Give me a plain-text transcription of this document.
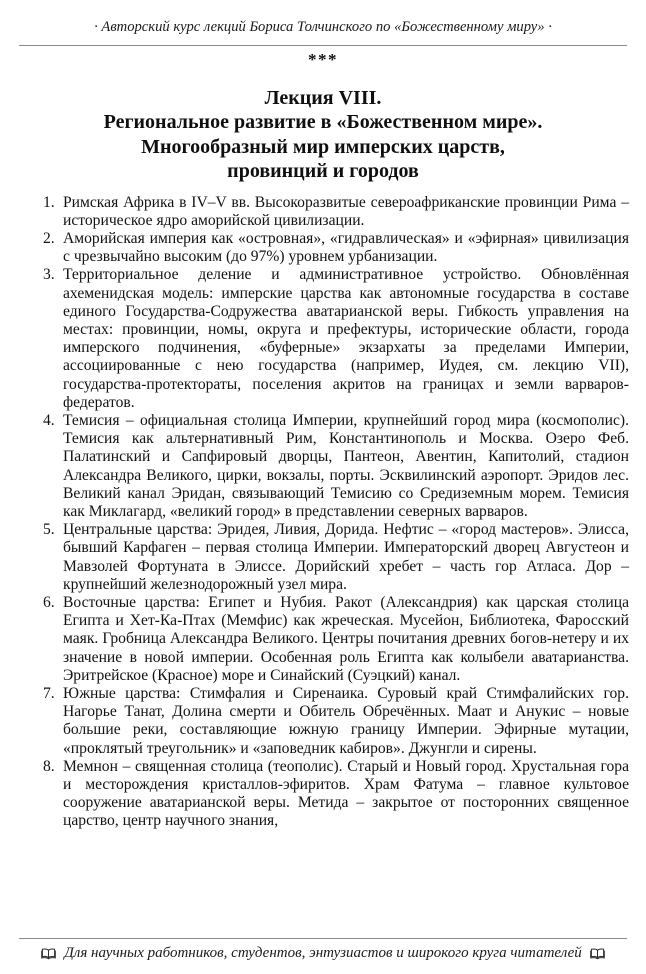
· Авторский курс лекций Бориса Толчинского по «Божественному миру» ·
***
Лекция VIII.
Региональное развитие в «Божественном мире».
Многообразный мир имперских царств,
провинций и городов
1. Римская Африка в IV–V вв. Высокоразвитые североафриканские провинции Рима – историческое ядро аморийской цивилизации.
2. Аморийская империя как «островная», «гидравлическая» и «эфирная» цивилизация с чрезвычайно высоким (до 97%) уровнем урбанизации.
3. Территориальное деление и административное устройство. Обновлённая ахеменидская модель: имперские царства как автономные государства в составе единого Государства-Содружества аватарианской веры. Гибкость управления на местах: провинции, номы, округа и префектуры, исторические области, города имперского подчинения, «буферные» экзархаты за пределами Империи, ассоциированные с нею государства (например, Иудея, см. лекцию VII), государства-протектораты, поселения акритов на границах и земли варваров-федератов.
4. Темисия – официальная столица Империи, крупнейший город мира (космополис). Темисия как альтернативный Рим, Константинополь и Москва. Озеро Феб. Палатинский и Сапфировый дворцы, Пантеон, Авентин, Капитолий, стадион Александра Великого, цирки, вокзалы, порты. Эсквилинский аэропорт. Эридов лес. Великий канал Эридан, связывающий Темисию со Средиземным морем. Темисия как Миклагард, «великий город» в представлении северных варваров.
5. Центральные царства: Эридея, Ливия, Дорида. Нефтис – «город мастеров». Элисса, бывший Карфаген – первая столица Империи. Императорский дворец Августеон и Мавзолей Фортуната в Элиссе. Дорийский хребет – часть гор Атласа. Дор – крупнейший железнодорожный узел мира.
6. Восточные царства: Египет и Нубия. Ракот (Александрия) как царская столица Египта и Хет-Ка-Птах (Мемфис) как жреческая. Мусейон, Библиотека, Фаросский маяк. Гробница Александра Великого. Центры почитания древних богов-нетеру и их значение в новой империи. Особенная роль Египта как колыбели аватарианства. Эритрейское (Красное) море и Синайский (Суэцкий) канал.
7. Южные царства: Стимфалия и Сиренаика. Суровый край Стимфалийских гор. Нагорье Танат, Долина смерти и Обитель Обречённых. Маат и Анукис – новые большие реки, составляющие южную границу Империи. Эфирные мутации, «проклятый треугольник» и «заповедник кабиров». Джунгли и сирены.
8. Мемнон – священная столица (теополис). Старый и Новый город. Хрустальная гора и месторождения кристаллов-эфиритов. Храм Фатума – главное культовое сооружение аватарианской веры. Метида – закрытое от посторонних священное царство, центр научного знания,
Для научных работников, студентов, энтузиастов и широкого круга читателей
